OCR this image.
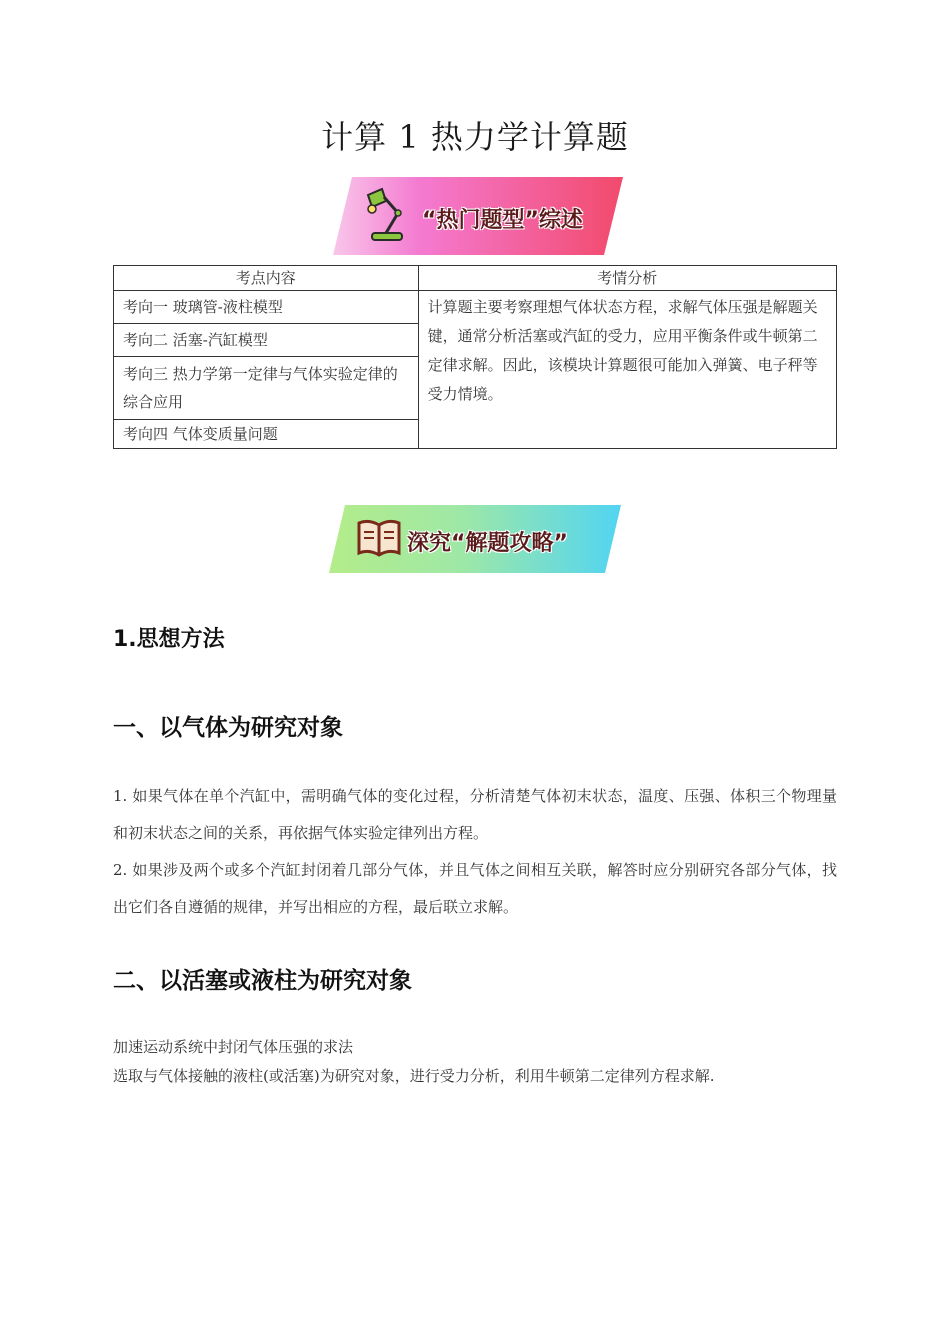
计算 1 热力学计算题
“热门题型”综述
考点内容	考情分析
考向一 玻璃管-液柱模型	计算题主要考察理想气体状态方程，求解气体压强是解题关键，通常分析活塞或汽缸的受力，应用平衡条件或牛顿第二定律求解。因此，该模块计算题很可能加入弹簧、电子秤等受力情境。
考向二 活塞-汽缸模型	
考向三 热力学第一定律与气体实验定律的综合应用	
考向四 气体变质量问题	
深究“解题攻略”
1.思想方法
一、以气体为研究对象
1. 如果气体在单个汽缸中，需明确气体的变化过程，分析清楚气体初末状态，温度、压强、体积三个物理量和初末状态之间的关系，再依据气体实验定律列出方程。
2. 如果涉及两个或多个汽缸封闭着几部分气体，并且气体之间相互关联，解答时应分别研究各部分气体，找出它们各自遵循的规律，并写出相应的方程，最后联立求解。
二、以活塞或液柱为研究对象
加速运动系统中封闭气体压强的求法
选取与气体接触的液柱(或活塞)为研究对象，进行受力分析，利用牛顿第二定律列方程求解.
